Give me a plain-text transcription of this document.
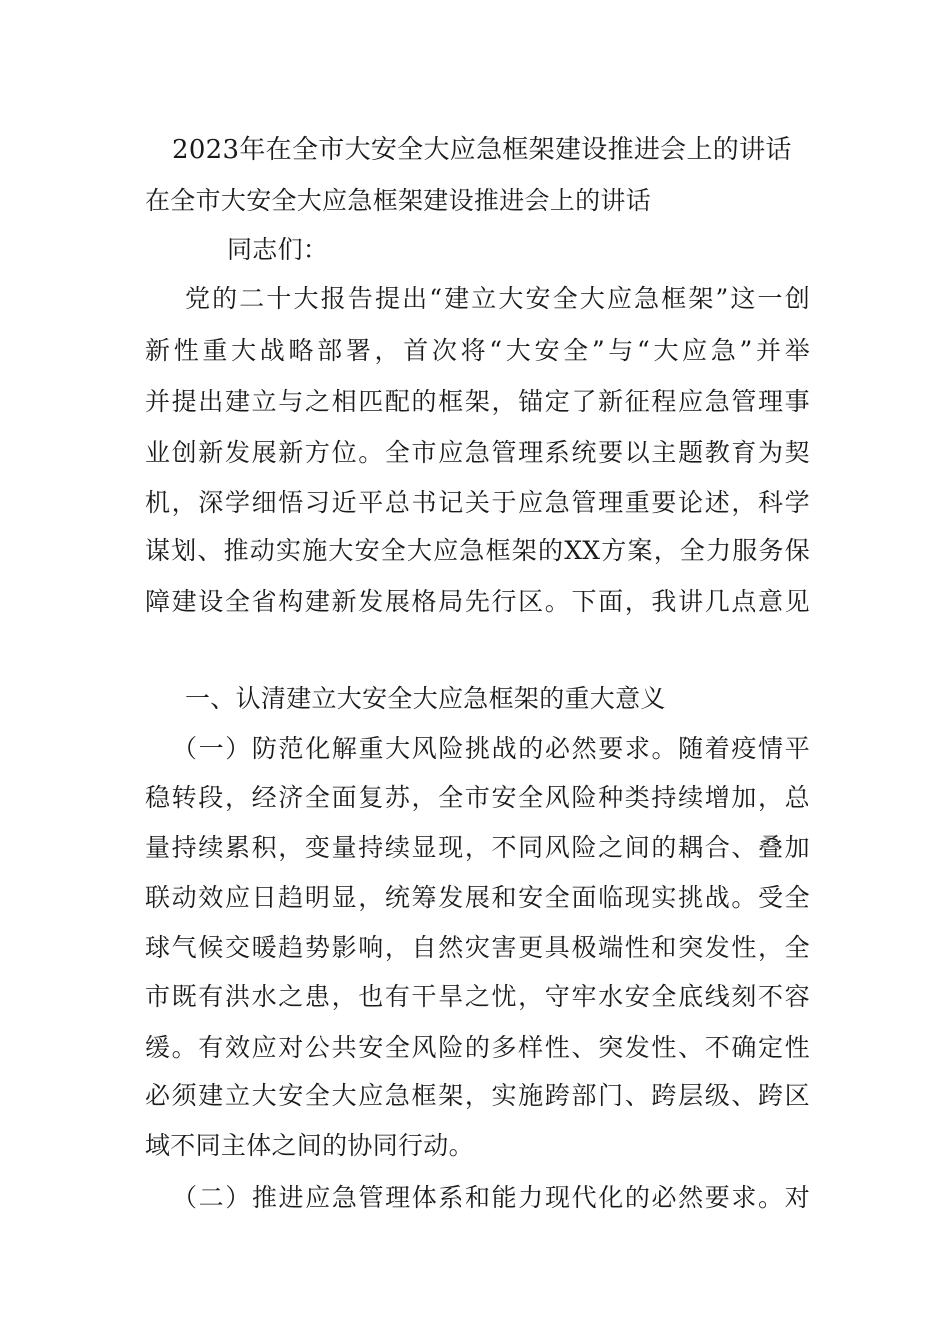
2023年在全市大安全大应急框架建设推进会上的讲话
在全市大安全大应急框架建设推进会上的讲话
同志们：
党的二十大报告提出“建立大安全大应急框架”这一创
新性重大战略部署，首次将“大安全”与“大应急”并举
并提出建立与之相匹配的框架，锚定了新征程应急管理事
业创新发展新方位。全市应急管理系统要以主题教育为契
机，深学细悟习近平总书记关于应急管理重要论述，科学
谋划、推动实施大安全大应急框架的XX方案，全力服务保
障建设全省构建新发展格局先行区。下面，我讲几点意见
一、认清建立大安全大应急框架的重大意义
（一）防范化解重大风险挑战的必然要求。随着疫情平
稳转段，经济全面复苏，全市安全风险种类持续增加，总
量持续累积，变量持续显现，不同风险之间的耦合、叠加
联动效应日趋明显，统筹发展和安全面临现实挑战。受全
球气候交暖趋势影响，自然灾害更具极端性和突发性，全
市既有洪水之患，也有干旱之忧，守牢水安全底线刻不容
缓。有效应对公共安全风险的多样性、突发性、不确定性
必须建立大安全大应急框架，实施跨部门、跨层级、跨区
域不同主体之间的协同行动。
（二）推进应急管理体系和能力现代化的必然要求。对
